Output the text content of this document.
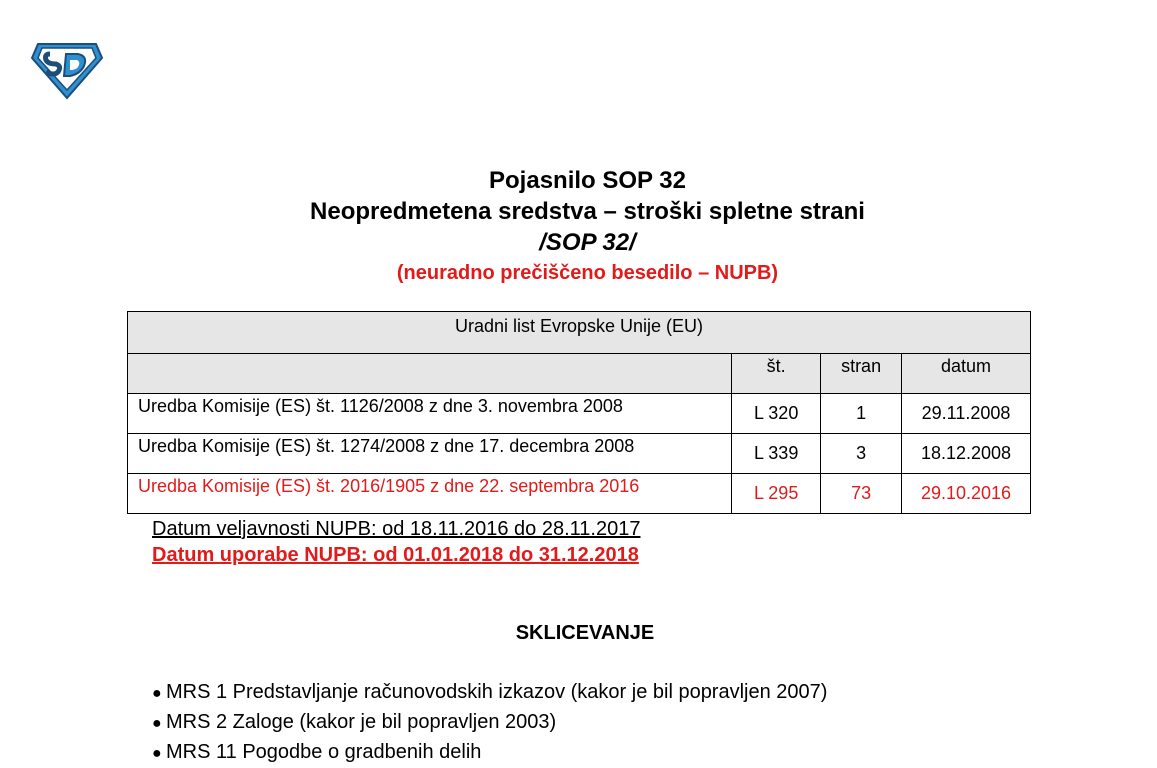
Pojasnilo SOP 32
Neopredmetena sredstva – stroški spletne strani
/SOP 32/
(neuradno prečiščeno besedilo – NUPB)
Uradni list Evropske Unije (EU)			
	št.	stran	datum
Uredba Komisije (ES) št. 1126/2008 z dne 3. novembra 2008	L 320	1	29.11.2008
Uredba Komisije (ES) št. 1274/2008 z dne 17. decembra 2008	L 339	3	18.12.2008
Uredba Komisije (ES) št. 2016/1905 z dne 22. septembra 2016	L 295	73	29.10.2016
Datum veljavnosti NUPB: od 18.11.2016 do 28.11.2017
Datum uporabe NUPB: od 01.01.2018 do 31.12.2018
SKLICEVANJE
● MRS 1 Predstavljanje računovodskih izkazov (kakor je bil popravljen 2007)
● MRS 2 Zaloge (kakor je bil popravljen 2003)
● MRS 11 Pogodbe o gradbenih delih
